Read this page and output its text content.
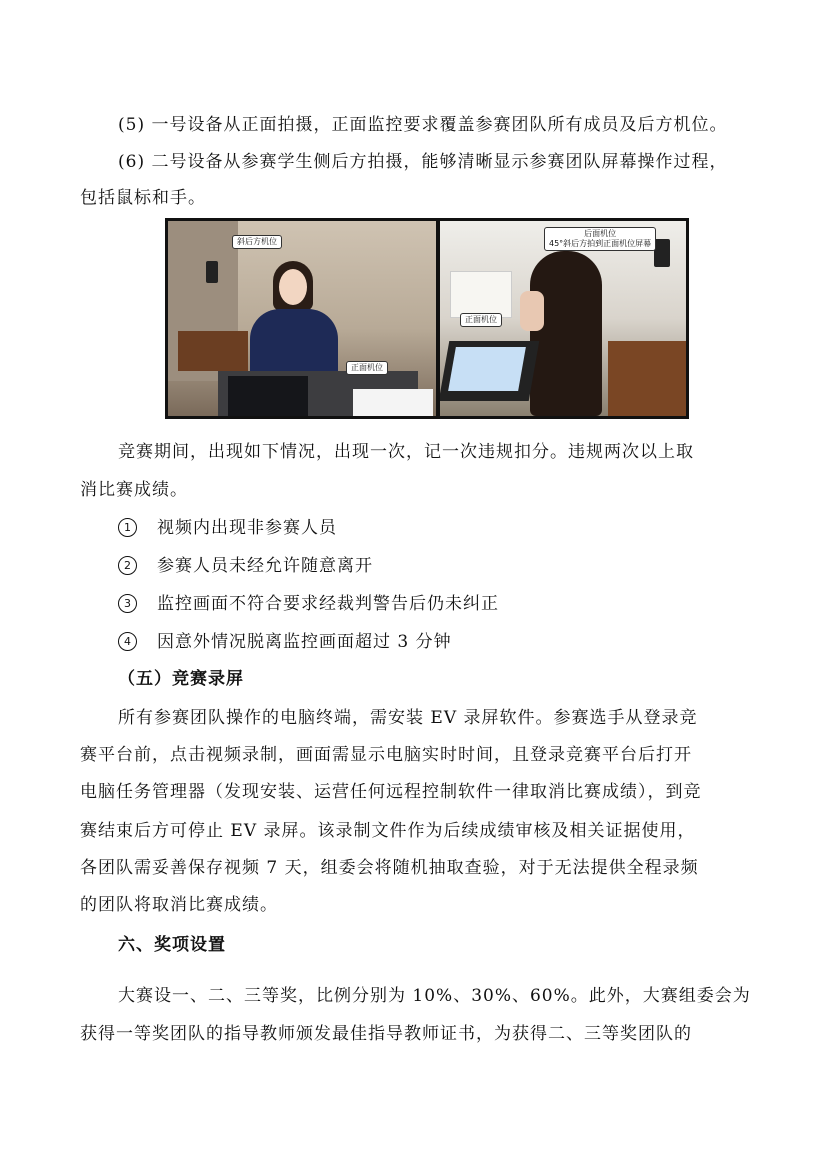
(5) 一号设备从正面拍摄，正面监控要求覆盖参赛团队所有成员及后方机位。
(6) 二号设备从参赛学生侧后方拍摄，能够清晰显示参赛团队屏幕操作过程，
包括鼠标和手。
斜后方机位
正面机位
后面机位
45°斜后方拍到正面机位屏幕
正面机位
竞赛期间，出现如下情况，出现一次，记一次违规扣分。违规两次以上取
消比赛成绩。
1 视频内出现非参赛人员
2 参赛人员未经允许随意离开
3 监控画面不符合要求经裁判警告后仍未纠正
4 因意外情况脱离监控画面超过 3 分钟
（五）竞赛录屏
所有参赛团队操作的电脑终端，需安装 EV 录屏软件。参赛选手从登录竞
赛平台前，点击视频录制，画面需显示电脑实时时间，且登录竞赛平台后打开
电脑任务管理器（发现安装、运营任何远程控制软件一律取消比赛成绩），到竞
赛结束后方可停止 EV 录屏。该录制文件作为后续成绩审核及相关证据使用，
各团队需妥善保存视频 7 天，组委会将随机抽取查验，对于无法提供全程录频
的团队将取消比赛成绩。
六、奖项设置
大赛设一、二、三等奖，比例分别为 10%、30%、60%。此外，大赛组委会为
获得一等奖团队的指导教师颁发最佳指导教师证书，为获得二、三等奖团队的
